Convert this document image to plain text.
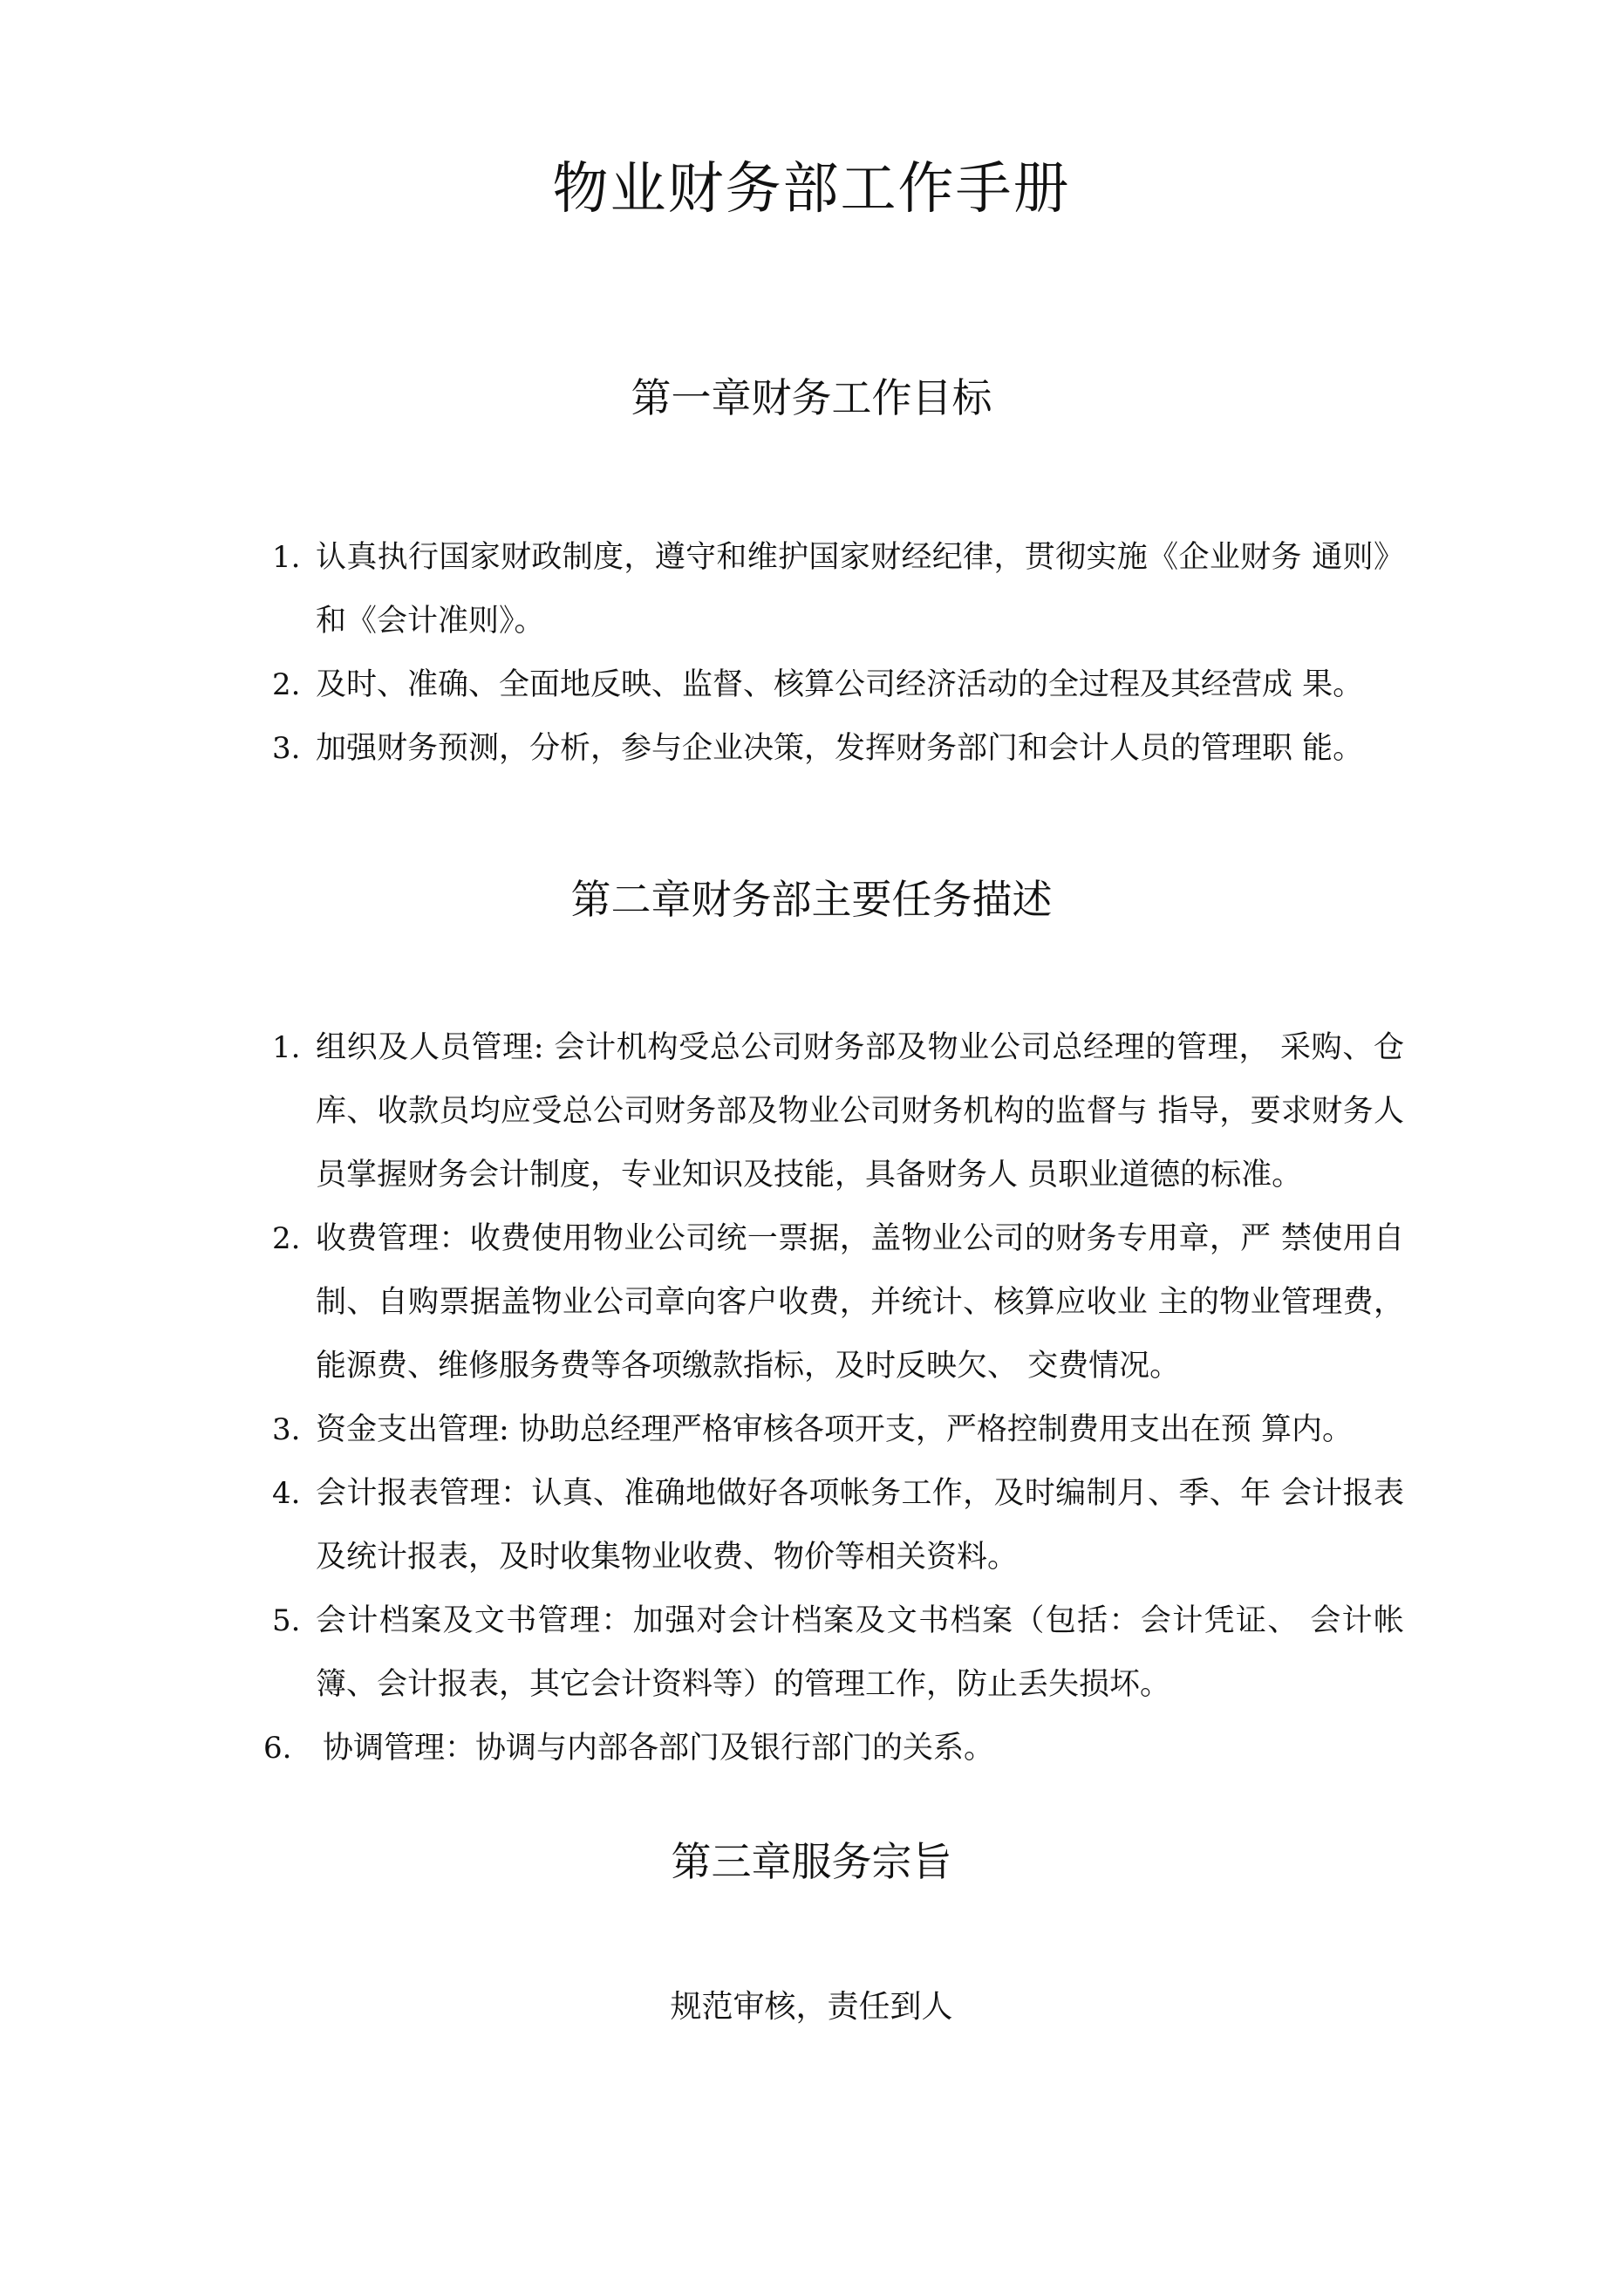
物业财务部工作手册
第一章财务工作目标
1. 认真执行国家财政制度，遵守和维护国家财经纪律，贯彻实施《企业财务 通则》和《会计准则》。
2. 及时、准确、全面地反映、监督、核算公司经济活动的全过程及其经营成 果。
3. 加强财务预测，分析，参与企业决策，发挥财务部门和会计人员的管理职 能。
第二章财务部主要任务描述
1. 组织及人员管理: 会计机构受总公司财务部及物业公司总经理的管理， 采购、仓库、收款员均应受总公司财务部及物业公司财务机构的监督与 指导，要求财务人员掌握财务会计制度，专业知识及技能，具备财务人 员职业道德的标准。
2. 收费管理：收费使用物业公司统一票据，盖物业公司的财务专用章，严 禁使用自制、自购票据盖物业公司章向客户收费，并统计、核算应收业 主的物业管理费，能源费、维修服务费等各项缴款指标，及时反映欠、 交费情况。
3. 资金支出管理: 协助总经理严格审核各项开支，严格控制费用支出在预 算内。
4. 会计报表管理：认真、准确地做好各项帐务工作，及时编制月、季、年 会计报表及统计报表，及时收集物业收费、物价等相关资料。
5. 会计档案及文书管理：加强对会计档案及文书档案（包括：会计凭证、 会计帐簿、会计报表，其它会计资料等）的管理工作，防止丢失损坏。
6. 协调管理：协调与内部各部门及银行部门的关系。
第三章服务宗旨

规范审核，责任到人
